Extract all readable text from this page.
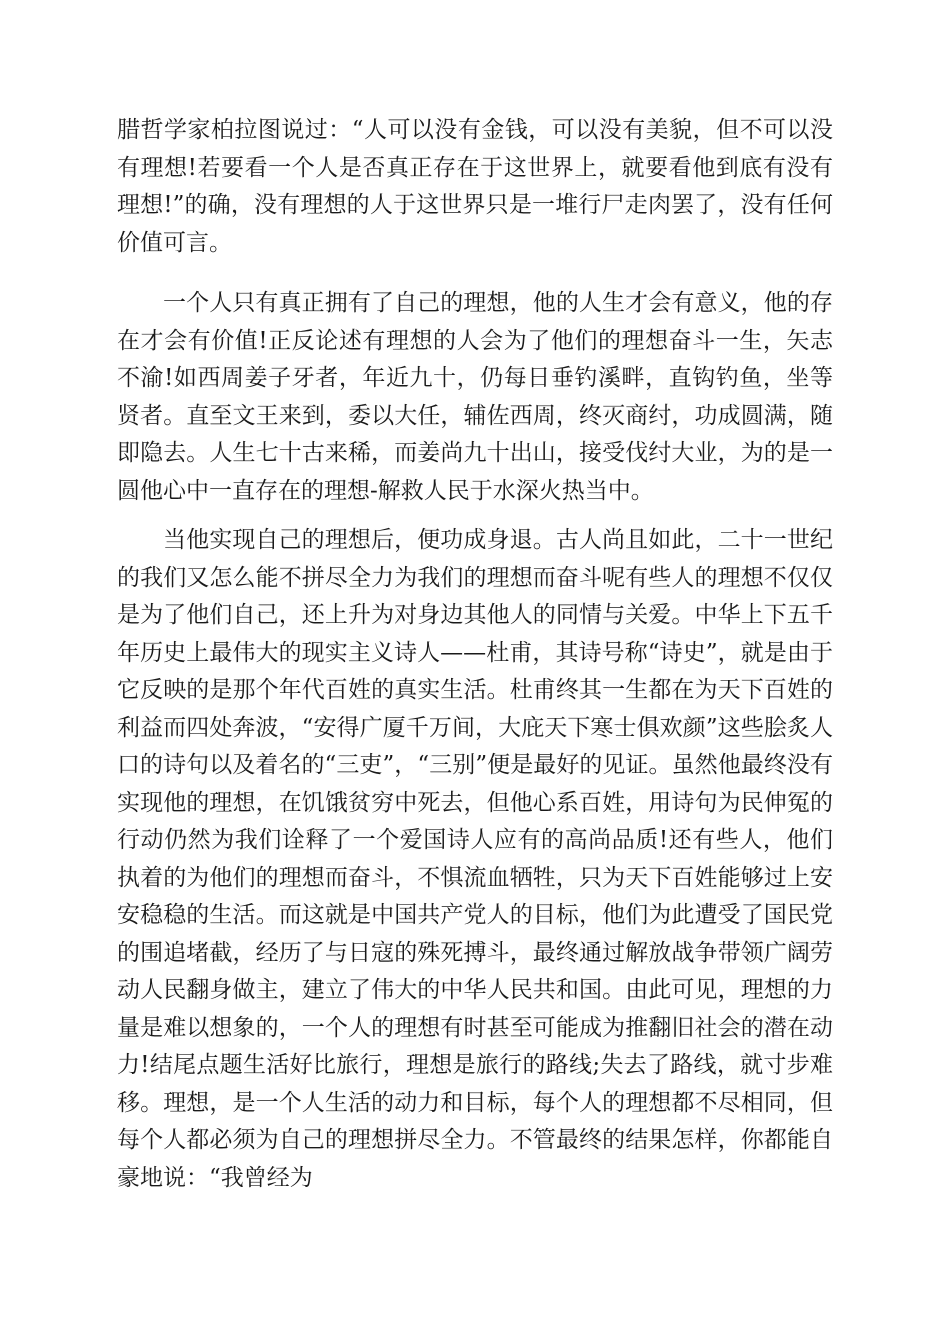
腊哲学家柏拉图说过：“人可以没有金钱，可以没有美貌，但不可以没有理想!若要看一个人是否真正存在于这世界上，就要看他到底有没有理想!”的确，没有理想的人于这世界只是一堆行尸走肉罢了，没有任何价值可言。

一个人只有真正拥有了自己的理想，他的人生才会有意义，他的存在才会有价值!正反论述有理想的人会为了他们的理想奋斗一生，矢志不渝!如西周姜子牙者，年近九十，仍每日垂钓溪畔，直钩钓鱼，坐等贤者。直至文王来到，委以大任，辅佐西周，终灭商纣，功成圆满，随即隐去。人生七十古来稀，而姜尚九十出山，接受伐纣大业，为的是一圆他心中一直存在的理想-解救人民于水深火热当中。

当他实现自己的理想后，便功成身退。古人尚且如此，二十一世纪的我们又怎么能不拼尽全力为我们的理想而奋斗呢有些人的理想不仅仅是为了他们自己，还上升为对身边其他人的同情与关爱。中华上下五千年历史上最伟大的现实主义诗人——杜甫，其诗号称“诗史”，就是由于它反映的是那个年代百姓的真实生活。杜甫终其一生都在为天下百姓的利益而四处奔波，“安得广厦千万间，大庇天下寒士俱欢颜”这些脍炙人口的诗句以及着名的“三吏”，“三别”便是最好的见证。虽然他最终没有实现他的理想，在饥饿贫穷中死去，但他心系百姓，用诗句为民伸冤的行动仍然为我们诠释了一个爱国诗人应有的高尚品质!还有些人，他们执着的为他们的理想而奋斗，不惧流血牺牲，只为天下百姓能够过上安安稳稳的生活。而这就是中国共产党人的目标，他们为此遭受了国民党的围追堵截，经历了与日寇的殊死搏斗，最终通过解放战争带领广阔劳动人民翻身做主，建立了伟大的中华人民共和国。由此可见，理想的力量是难以想象的，一个人的理想有时甚至可能成为推翻旧社会的潜在动力!结尾点题生活好比旅行，理想是旅行的路线;失去了路线，就寸步难移。理想，是一个人生活的动力和目标，每个人的理想都不尽相同，但每个人都必须为自己的理想拼尽全力。不管最终的结果怎样，你都能自豪地说：“我曾经为
